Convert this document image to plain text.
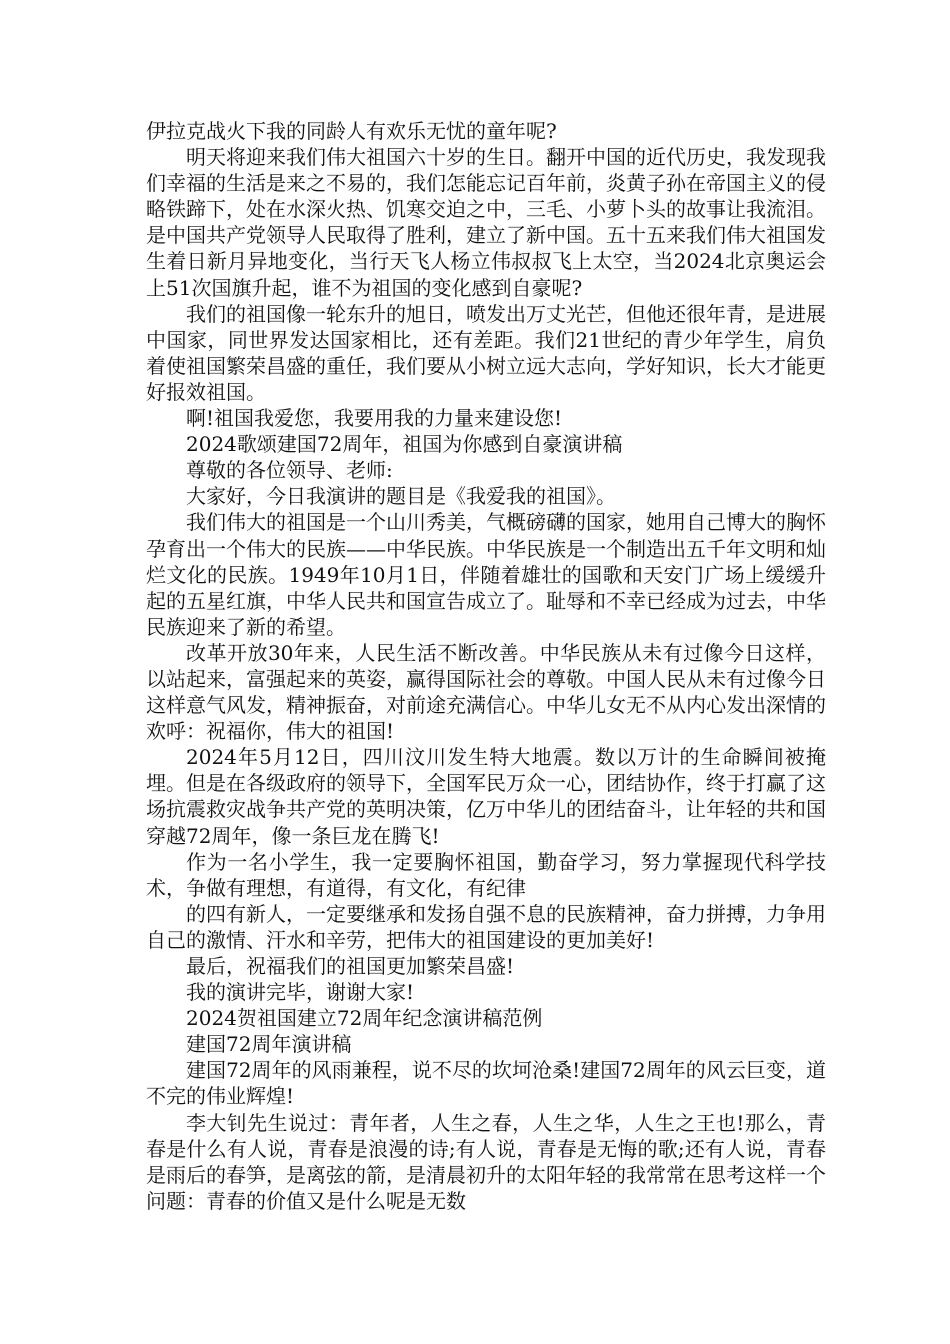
伊拉克战火下我的同龄人有欢乐无忧的童年呢?

明天将迎来我们伟大祖国六十岁的生日。翻开中国的近代历史，我发现我们幸福的生活是来之不易的，我们怎能忘记百年前，炎黄子孙在帝国主义的侵略铁蹄下，处在水深火热、饥寒交迫之中，三毛、小萝卜头的故事让我流泪。是中国共产党领导人民取得了胜利，建立了新中国。五十五来我们伟大祖国发生着日新月异地变化，当行天飞人杨立伟叔叔飞上太空，当2024北京奥运会上51次国旗升起，谁不为祖国的变化感到自豪呢?

我们的祖国像一轮东升的旭日，喷发出万丈光芒，但他还很年青，是进展中国家，同世界发达国家相比，还有差距。我们21世纪的青少年学生，肩负着使祖国繁荣昌盛的重任，我们要从小树立远大志向，学好知识，长大才能更好报效祖国。

啊!祖国我爱您，我要用我的力量来建设您!

2024歌颂建国72周年，祖国为你感到自豪演讲稿

尊敬的各位领导、老师:

大家好，今日我演讲的题目是《我爱我的祖国》。

我们伟大的祖国是一个山川秀美，气概磅礴的国家，她用自己博大的胸怀孕育出一个伟大的民族——中华民族。中华民族是一个制造出五千年文明和灿烂文化的民族。1949年10月1日，伴随着雄壮的国歌和天安门广场上缓缓升起的五星红旗，中华人民共和国宣告成立了。耻辱和不幸已经成为过去，中华民族迎来了新的希望。

改革开放30年来，人民生活不断改善。中华民族从未有过像今日这样，以站起来，富强起来的英姿，赢得国际社会的尊敬。中国人民从未有过像今日这样意气风发，精神振奋，对前途充满信心。中华儿女无不从内心发出深情的欢呼：祝福你，伟大的祖国!

2024年5月12日，四川汶川发生特大地震。数以万计的生命瞬间被掩埋。但是在各级政府的领导下，全国军民万众一心，团结协作，终于打赢了这场抗震救灾战争共产党的英明决策，亿万中华儿的团结奋斗，让年轻的共和国穿越72周年，像一条巨龙在腾飞!

作为一名小学生，我一定要胸怀祖国，勤奋学习，努力掌握现代科学技术，争做有理想，有道得，有文化，有纪律

的四有新人，一定要继承和发扬自强不息的民族精神，奋力拼搏，力争用自己的激情、汗水和辛劳，把伟大的祖国建设的更加美好!

最后，祝福我们的祖国更加繁荣昌盛!

我的演讲完毕，谢谢大家!

2024贺祖国建立72周年纪念演讲稿范例

建国72周年演讲稿

建国72周年的风雨兼程，说不尽的坎坷沧桑!建国72周年的风云巨变，道不完的伟业辉煌!

李大钊先生说过：青年者，人生之春，人生之华，人生之王也!那么，青春是什么有人说，青春是浪漫的诗;有人说，青春是无悔的歌;还有人说，青春是雨后的春笋，是离弦的箭，是清晨初升的太阳年轻的我常常在思考这样一个问题：青春的价值又是什么呢是无数
